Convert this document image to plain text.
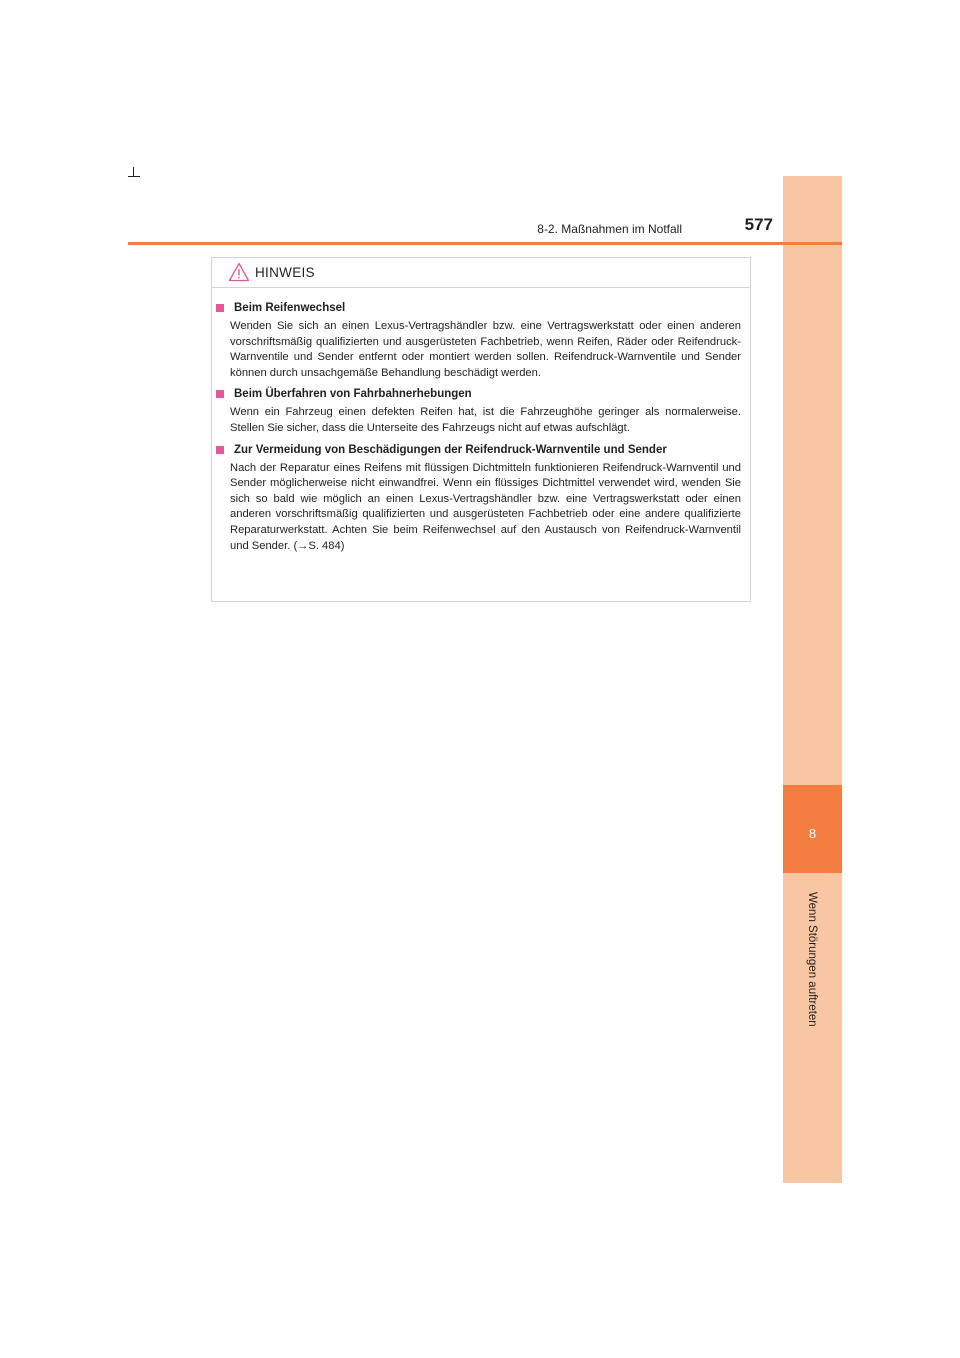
8
Wenn Störungen auftreten
8-2. Maßnahmen im Notfall	577
HINWEIS
Beim Reifenwechsel
Wenden Sie sich an einen Lexus-Vertragshändler bzw. eine Vertragswerkstatt oder einen anderen vorschriftsmäßig qualifizierten und ausgerüsteten Fachbetrieb, wenn Reifen, Räder oder Reifendruck-Warnventile und Sender entfernt oder montiert werden sollen. Reifendruck-Warnventile und Sender können durch unsachgemäße Behandlung beschädigt werden.
Beim Überfahren von Fahrbahnerhebungen
Wenn ein Fahrzeug einen defekten Reifen hat, ist die Fahrzeughöhe geringer als normalerweise. Stellen Sie sicher, dass die Unterseite des Fahrzeugs nicht auf etwas aufschlägt.
Zur Vermeidung von Beschädigungen der Reifendruck-Warnventile und Sender
Nach der Reparatur eines Reifens mit flüssigen Dichtmitteln funktionieren Reifendruck-Warnventil und Sender möglicherweise nicht einwandfrei. Wenn ein flüssiges Dichtmittel verwendet wird, wenden Sie sich so bald wie möglich an einen Lexus-Vertragshändler bzw. eine Vertragswerkstatt oder einen anderen vorschriftsmäßig qualifizierten und ausgerüsteten Fachbetrieb oder eine andere qualifizierte Reparaturwerkstatt. Achten Sie beim Reifenwechsel auf den Austausch von Reifendruck-Warnventil und Sender. (→S. 484)
